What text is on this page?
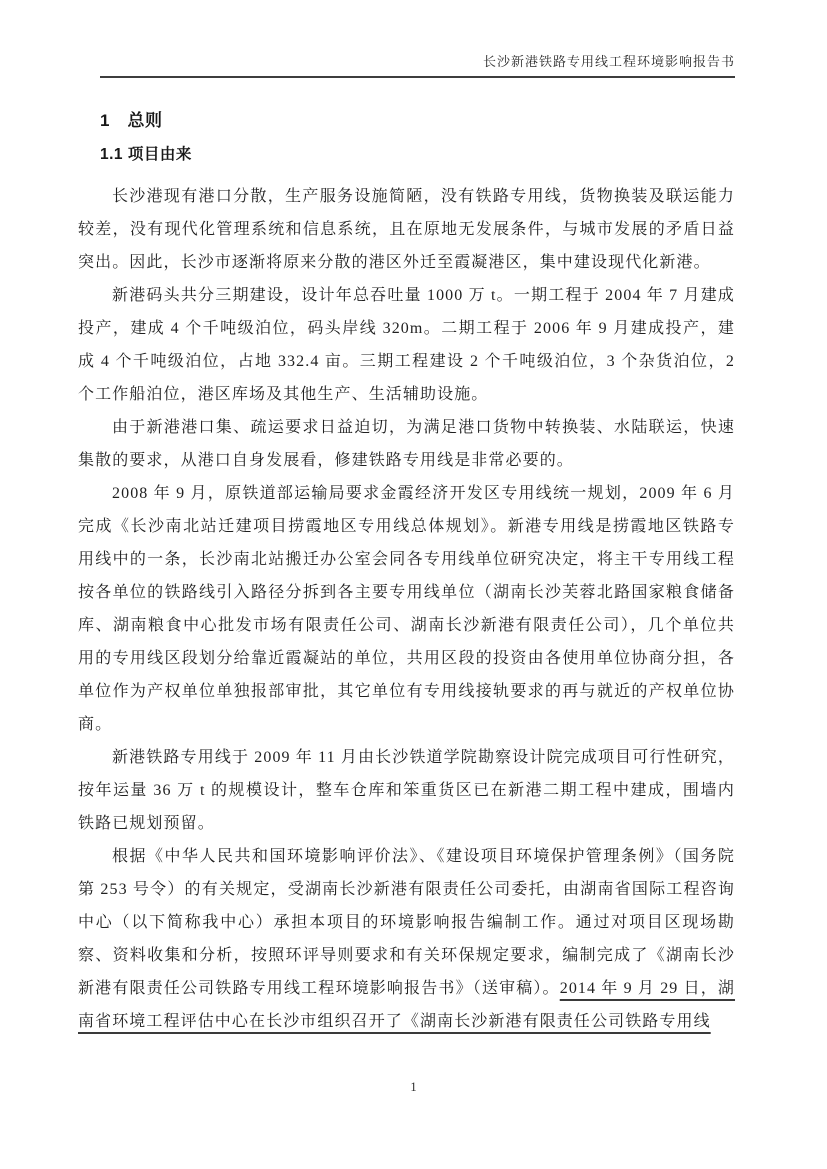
长沙新港铁路专用线工程环境影响报告书
1　总则
1.1 项目由来

长沙港现有港口分散，生产服务设施简陋，没有铁路专用线，货物换装及联运能力较差，没有现代化管理系统和信息系统，且在原地无发展条件，与城市发展的矛盾日益突出。因此，长沙市逐渐将原来分散的港区外迁至霞凝港区，集中建设现代化新港。

新港码头共分三期建设，设计年总吞吐量 1000 万 t。一期工程于 2004 年 7 月建成投产，建成 4 个千吨级泊位，码头岸线 320m。二期工程于 2006 年 9 月建成投产，建成 4 个千吨级泊位，占地 332.4 亩。三期工程建设 2 个千吨级泊位，3 个杂货泊位，2 个工作船泊位，港区库场及其他生产、生活辅助设施。

由于新港港口集、疏运要求日益迫切，为满足港口货物中转换装、水陆联运，快速集散的要求，从港口自身发展看，修建铁路专用线是非常必要的。

2008 年 9 月，原铁道部运输局要求金霞经济开发区专用线统一规划，2009 年 6 月完成《长沙南北站迁建项目捞霞地区专用线总体规划》。新港专用线是捞霞地区铁路专用线中的一条，长沙南北站搬迁办公室会同各专用线单位研究决定，将主干专用线工程按各单位的铁路线引入路径分拆到各主要专用线单位（湖南长沙芙蓉北路国家粮食储备库、湖南粮食中心批发市场有限责任公司、湖南长沙新港有限责任公司），几个单位共用的专用线区段划分给靠近霞凝站的单位，共用区段的投资由各使用单位协商分担，各单位作为产权单位单独报部审批，其它单位有专用线接轨要求的再与就近的产权单位协商。

新港铁路专用线于 2009 年 11 月由长沙铁道学院勘察设计院完成项目可行性研究，按年运量 36 万 t 的规模设计，整车仓库和笨重货区已在新港二期工程中建成，围墙内铁路已规划预留。

根据《中华人民共和国环境影响评价法》、《建设项目环境保护管理条例》（国务院第 253 号令）的有关规定，受湖南长沙新港有限责任公司委托，由湖南省国际工程咨询中心（以下简称我中心）承担本项目的环境影响报告编制工作。通过对项目区现场勘察、资料收集和分析，按照环评导则要求和有关环保规定要求，编制完成了《湖南长沙新港有限责任公司铁路专用线工程环境影响报告书》（送审稿）。2014 年 9 月 29 日，湖南省环境工程评估中心在长沙市组织召开了《湖南长沙新港有限责任公司铁路专用线

1
